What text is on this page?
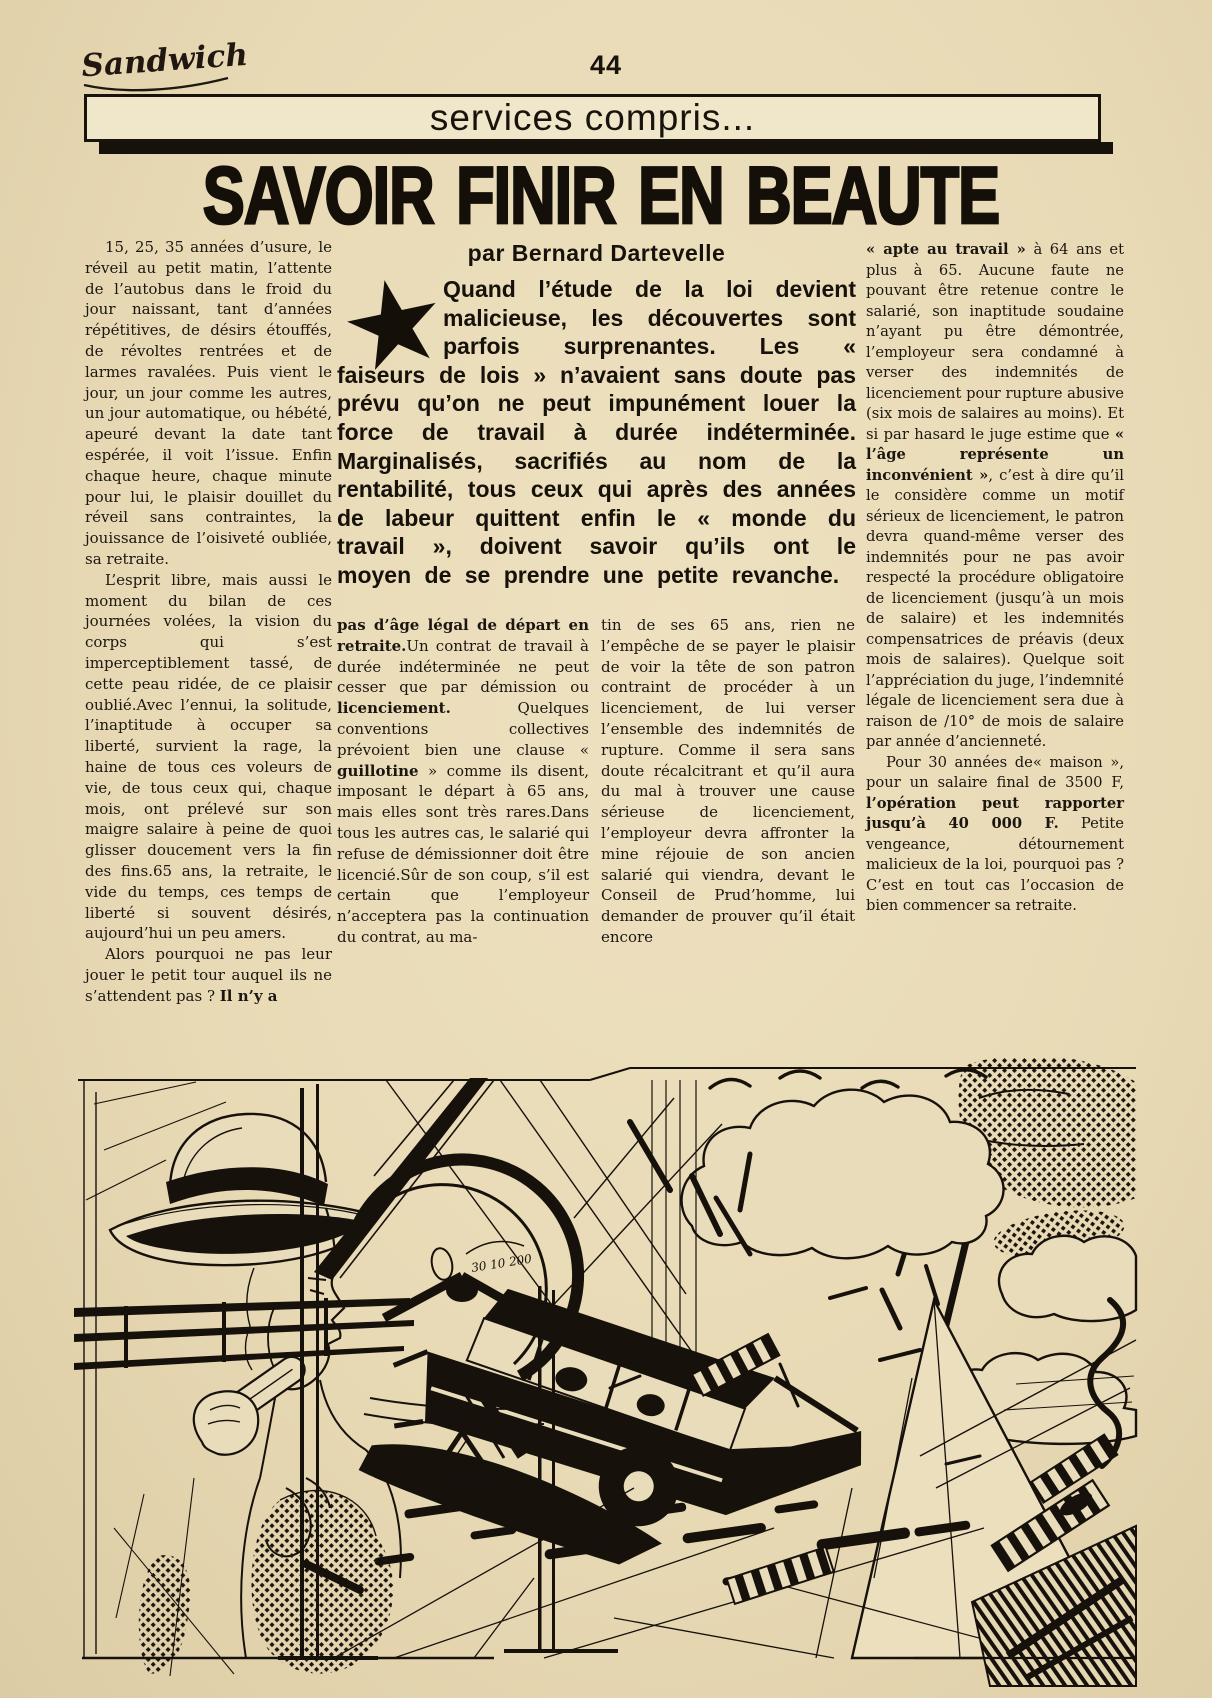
Sandwich	44
services compris...
SAVOIR FINIR EN BEAUTE

15, 25, 35 années d’usure, le réveil au petit matin, l’attente de l’autobus dans le froid du jour naissant, tant d’années répétitives, de désirs étouffés, de révoltes rentrées et de larmes ravalées. Puis vient le jour, un jour comme les autres, un jour automatique, ou hébété, apeuré devant la date tant espérée, il voit l’issue. Enfin chaque heure, chaque minute pour lui, le plaisir douillet du réveil sans contraintes, la jouissance de l’oisiveté oubliée, sa retraite.

L’esprit libre, mais aussi le moment du bilan de ces journées volées, la vision du corps qui s’est imperceptiblement tassé, de cette peau ridée, de ce plaisir oublié.Avec l’ennui, la solitude, l’inaptitude à occuper sa liberté, survient la rage, la haine de tous ces voleurs de vie, de tous ceux qui, chaque mois, ont prélevé sur son maigre salaire à peine de quoi glisser doucement vers la fin des fins.65 ans, la retraite, le vide du temps, ces temps de liberté si souvent désirés, aujourd’hui un peu amers.

Alors pourquoi ne pas leur jouer le petit tour auquel ils ne s’attendent pas ? Il n’y a

par Bernard Dartevelle

★
Quand l’étude de la loi devient malicieuse, les découvertes sont parfois surprenantes. Les « faiseurs de lois » n’avaient sans doute pas prévu qu’on ne peut impunément louer la force de travail à durée indéterminée. Marginalisés, sacrifiés au nom de la rentabilité, tous ceux qui après des années de labeur quittent enfin le « monde du travail », doivent savoir qu’ils ont le moyen de se prendre une petite revanche.

pas d’âge légal de départ en retraite.Un contrat de travail à durée indéterminée ne peut cesser que par démission ou licenciement. Quelques conventions collectives prévoient bien une clause « guillotine » comme ils disent, imposant le départ à 65 ans, mais elles sont très rares.Dans tous les autres cas, le salarié qui refuse de démissionner doit être licencié.Sûr de son coup, s’il est certain que l’employeur n’acceptera pas la continuation du contrat, au ma-

tin de ses 65 ans, rien ne l’empêche de se payer le plaisir de voir la tête de son patron contraint de procéder à un licenciement, de lui verser l’ensemble des indemnités de rupture. Comme il sera sans doute récalcitrant et qu’il aura du mal à trouver une cause sérieuse de licenciement, l’employeur devra affronter la mine réjouie de son ancien salarié qui viendra, devant le Conseil de Prud’homme, lui demander de prouver qu’il était encore

« apte au travail » à 64 ans et plus à 65. Aucune faute ne pouvant être retenue contre le salarié, son inaptitude soudaine n’ayant pu être démontrée, l’employeur sera condamné à verser des indemnités de licenciement pour rupture abusive (six mois de salaires au moins). Et si par hasard le juge estime que « l’âge représente un inconvénient », c’est à dire qu’il le considère comme un motif sérieux de licenciement, le patron devra quand-même verser des indemnités pour ne pas avoir respecté la procédure obligatoire de licenciement (jusqu’à un mois de salaire) et les indemnités compensatrices de préavis (deux mois de salaires). Quelque soit l’appréciation du juge, l’indemnité légale de licenciement sera due à raison de /10° de mois de salaire par année d’ancienneté.

Pour 30 années de« maison », pour un salaire final de 3500 F, l’opération peut rapporter jusqu’à 40 000 F. Petite vengeance, détournement malicieux de la loi, pourquoi pas ? C’est en tout cas l’occasion de bien commencer sa retraite.

30 10 200
